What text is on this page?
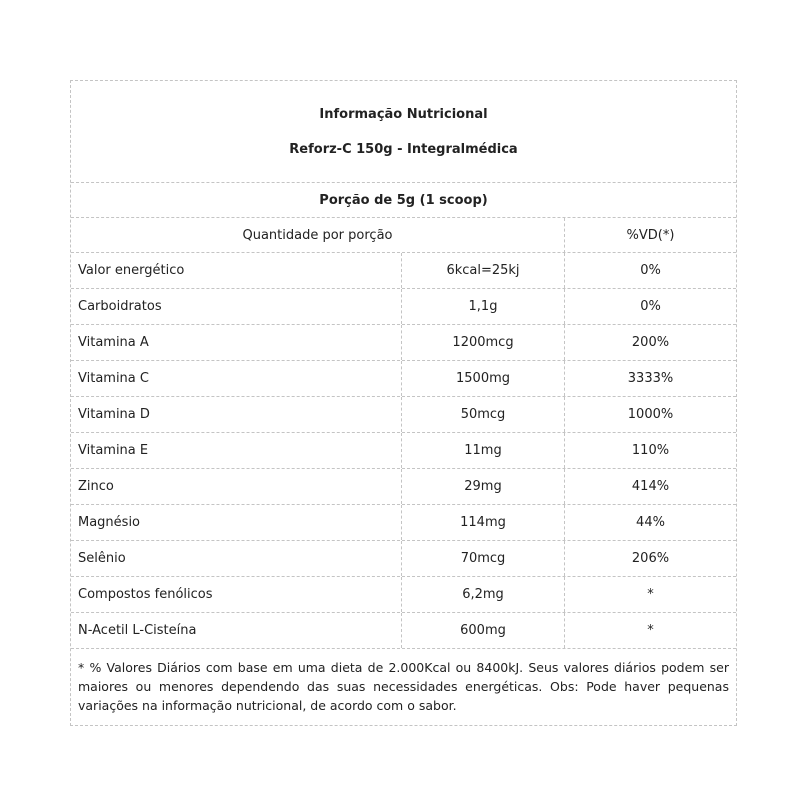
Informação Nutricional
Reforz-C 150g - Integralmédica
Porção de 5g (1 scoop)
Quantidade por porção	%VD(*)
Valor energético	6kcal=25kj	0%
Carboidratos	1,1g	0%
Vitamina A	1200mcg	200%
Vitamina C	1500mg	3333%
Vitamina D	50mcg	1000%
Vitamina E	11mg	110%
Zinco	29mg	414%
Magnésio	114mg	44%
Selênio	70mcg	206%
Compostos fenólicos	6,2mg	*
N-Acetil L-Cisteína	600mg	*
* % Valores Diários com base em uma dieta de 2.000Kcal ou 8400kJ. Seus valores diários podem ser maiores ou menores dependendo das suas necessidades energéticas. Obs: Pode haver pequenas variações na informação nutricional, de acordo com o sabor.
